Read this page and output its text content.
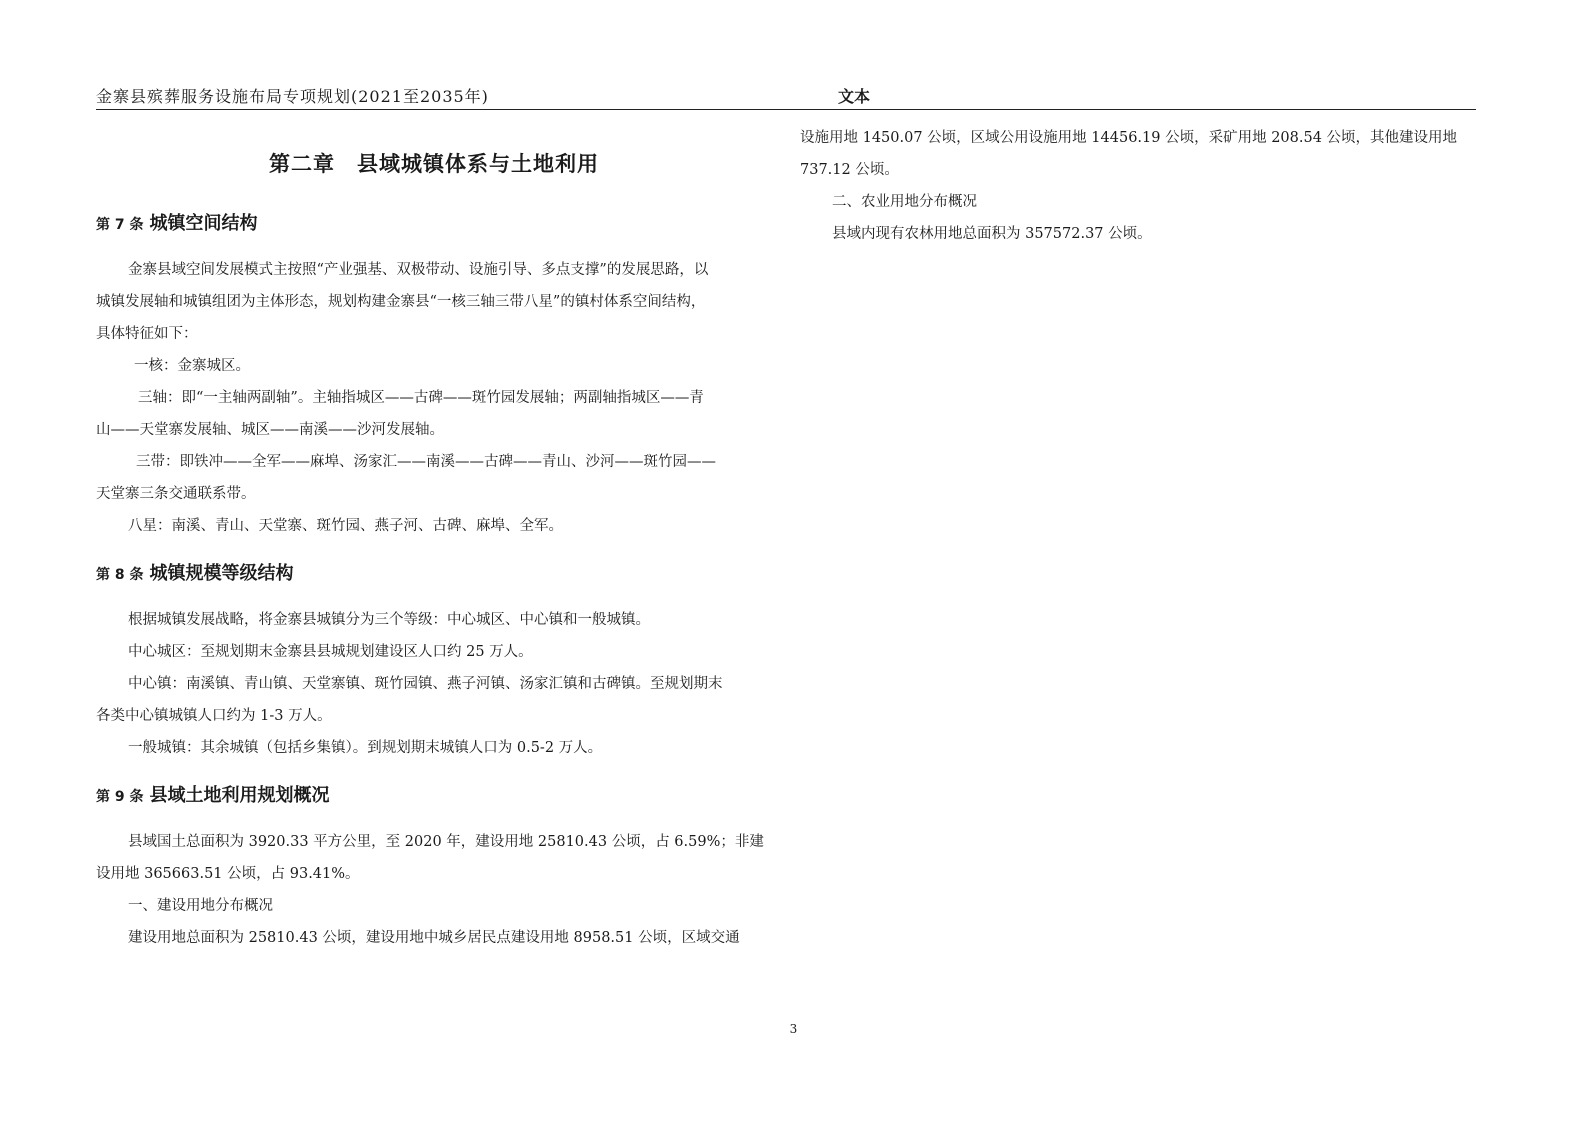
金寨县殡葬服务设施布局专项规划(2021至2035年)	文本
第二章　县域城镇体系与土地利用
第 7 条 城镇空间结构

金寨县域空间发展模式主按照“产业强基、双极带动、设施引导、多点支撑”的发展思路，以

城镇发展轴和城镇组团为主体形态，规划构建金寨县“一核三轴三带八星”的镇村体系空间结构，

具体特征如下：

一核：金寨城区。

三轴：即“一主轴两副轴”。主轴指城区——古碑——斑竹园发展轴；两副轴指城区——青

山——天堂寨发展轴、城区——南溪——沙河发展轴。

三带：即铁冲——全军——麻埠、汤家汇——南溪——古碑——青山、沙河——斑竹园——

天堂寨三条交通联系带。

八星：南溪、青山、天堂寨、斑竹园、燕子河、古碑、麻埠、全军。

第 8 条 城镇规模等级结构

根据城镇发展战略，将金寨县城镇分为三个等级：中心城区、中心镇和一般城镇。

中心城区：至规划期末金寨县县城规划建设区人口约 25 万人。

中心镇：南溪镇、青山镇、天堂寨镇、斑竹园镇、燕子河镇、汤家汇镇和古碑镇。至规划期末

各类中心镇城镇人口约为 1-3 万人。

一般城镇：其余城镇（包括乡集镇）。到规划期末城镇人口为 0.5-2 万人。

第 9 条 县域土地利用规划概况

县域国土总面积为 3920.33 平方公里，至 2020 年，建设用地 25810.43 公顷，占 6.59%；非建

设用地 365663.51 公顷，占 93.41%。

一、建设用地分布概况

建设用地总面积为 25810.43 公顷，建设用地中城乡居民点建设用地 8958.51 公顷，区域交通

设施用地 1450.07 公顷，区域公用设施用地 14456.19 公顷，采矿用地 208.54 公顷，其他建设用地

737.12 公顷。

二、农业用地分布概况

县域内现有农林用地总面积为 357572.37 公顷。

3
